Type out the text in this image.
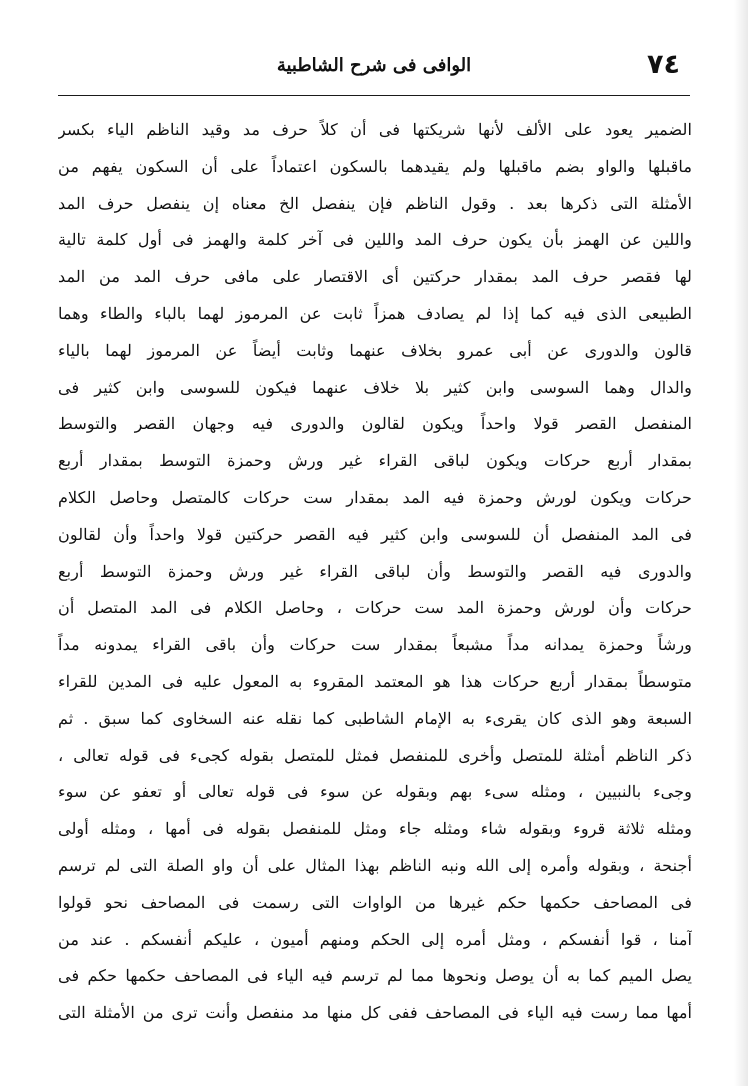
٧٤
الوافى فى شرح الشاطبية
الضمير يعود على الألف لأنها شريكتها فى أن كلاً حرف مد وقيد الناظم الياء بكسر
ماقبلها والواو بضم ماقبلها ولم يقيدهما بالسكون اعتماداً على أن السكون يفهم من
الأمثلة التى ذكرها بعد . وقول الناظم فإن ينفصل الخ معناه إن ينفصل حرف المد
واللين عن الهمز بأن يكون حرف المد واللين فى آخر كلمة والهمز فى أول كلمة تالية
لها فقصر حرف المد بمقدار حركتين أى الاقتصار على مافى حرف المد من المد
الطبيعى الذى فيه كما إذا لم يصادف همزاً ثابت عن المرموز لهما بالباء والطاء وهما
قالون والدورى عن أبى عمرو بخلاف عنهما وثابت أيضاً عن المرموز لهما بالياء
والدال وهما السوسى وابن كثير بلا خلاف عنهما فيكون للسوسى وابن كثير فى
المنفصل القصر قولا واحداً ويكون لقالون والدورى فيه وجهان القصر والتوسط
بمقدار أربع حركات ويكون لباقى القراء غير ورش وحمزة التوسط بمقدار أربع
حركات ويكون لورش وحمزة فيه المد بمقدار ست حركات كالمتصل وحاصل الكلام
فى المد المنفصل أن للسوسى وابن كثير فيه القصر حركتين قولا واحداً وأن لقالون
والدورى فيه القصر والتوسط وأن لباقى القراء غير ورش وحمزة التوسط أربع
حركات وأن لورش وحمزة المد ست حركات ، وحاصل الكلام فى المد المتصل أن
ورشاً وحمزة يمدانه مداً مشبعاً بمقدار ست حركات وأن باقى القراء يمدونه مداً
متوسطاً بمقدار أربع حركات هذا هو المعتمد المقروء به المعول عليه فى المدين للقراء
السبعة وهو الذى كان يقرىء به الإمام الشاطبى كما نقله عنه السخاوى كما سبق . ثم
ذكر الناظم أمثلة للمتصل وأخرى للمنفصل فمثل للمتصل بقوله كجىء فى قوله تعالى ،
وجىء بالنبيين ، ومثله سىء بهم وبقوله عن سوء فى قوله تعالى أو تعفو عن سوء
ومثله ثلاثة قروء وبقوله شاء ومثله جاء ومثل للمنفصل بقوله فى أمها ، ومثله أولى
أجنحة ، وبقوله وأمره إلى الله ونبه الناظم بهذا المثال على أن واو الصلة التى لم ترسم
فى المصاحف حكمها حكم غيرها من الواوات التى رسمت فى المصاحف نحو قولوا
آمنا ، قوا أنفسكم ، ومثل أمره إلى الحكم ومنهم أميون ، عليكم أنفسكم . عند من
يصل الميم كما به أن يوصل ونحوها مما لم ترسم فيه الياء فى المصاحف حكمها حكم فى
أمها مما رست فيه الياء فى المصاحف ففى كل منها مد منفصل وأنت ترى من الأمثلة التى
